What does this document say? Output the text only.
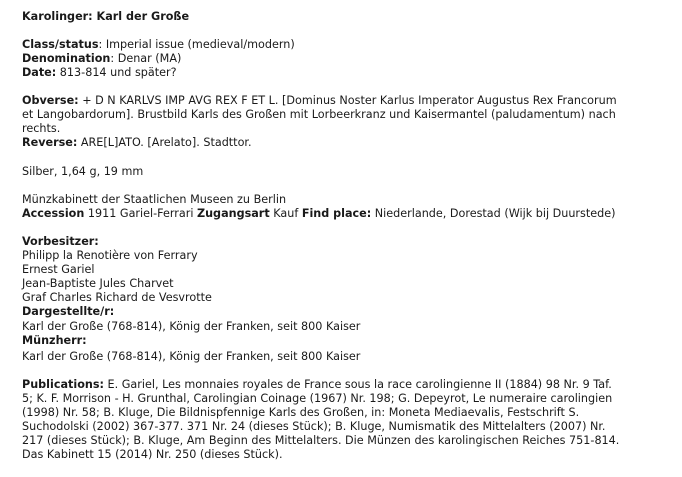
Karolinger: Karl der Große
Class/status: Imperial issue (medieval/modern)
Denomination: Denar (MA)
Date: 813-814 und später?
Obverse: + D N KARLVS IMP AVG REX F ET L. [Dominus Noster Karlus Imperator Augustus Rex Francorum
et Langobardorum]. Brustbild Karls des Großen mit Lorbeerkranz und Kaisermantel (paludamentum) nach
rechts.
Reverse: ARE[L]ATO. [Arelato]. Stadttor.
Silber, 1,64 g, 19 mm
Münzkabinett der Staatlichen Museen zu Berlin
Accession 1911 Gariel-Ferrari Zugangsart Kauf Find place: Niederlande, Dorestad (Wijk bij Duurstede)
Vorbesitzer:
Philipp la Renotière von Ferrary
Ernest Gariel
Jean-Baptiste Jules Charvet
Graf Charles Richard de Vesvrotte
Dargestellte/r:
Karl der Große (768-814), König der Franken, seit 800 Kaiser
Münzherr:
Karl der Große (768-814), König der Franken, seit 800 Kaiser
Publications: E. Gariel, Les monnaies royales de France sous la race carolingienne II (1884) 98 Nr. 9 Taf.
5; K. F. Morrison - H. Grunthal, Carolingian Coinage (1967) Nr. 198; G. Depeyrot, Le numeraire carolingien
(1998) Nr. 58; B. Kluge, Die Bildnispfennige Karls des Großen, in: Moneta Mediaevalis, Festschrift S.
Suchodolski (2002) 367-377. 371 Nr. 24 (dieses Stück); B. Kluge, Numismatik des Mittelalters (2007) Nr.
217 (dieses Stück); B. Kluge, Am Beginn des Mittelalters. Die Münzen des karolingischen Reiches 751-814.
Das Kabinett 15 (2014) Nr. 250 (dieses Stück).
